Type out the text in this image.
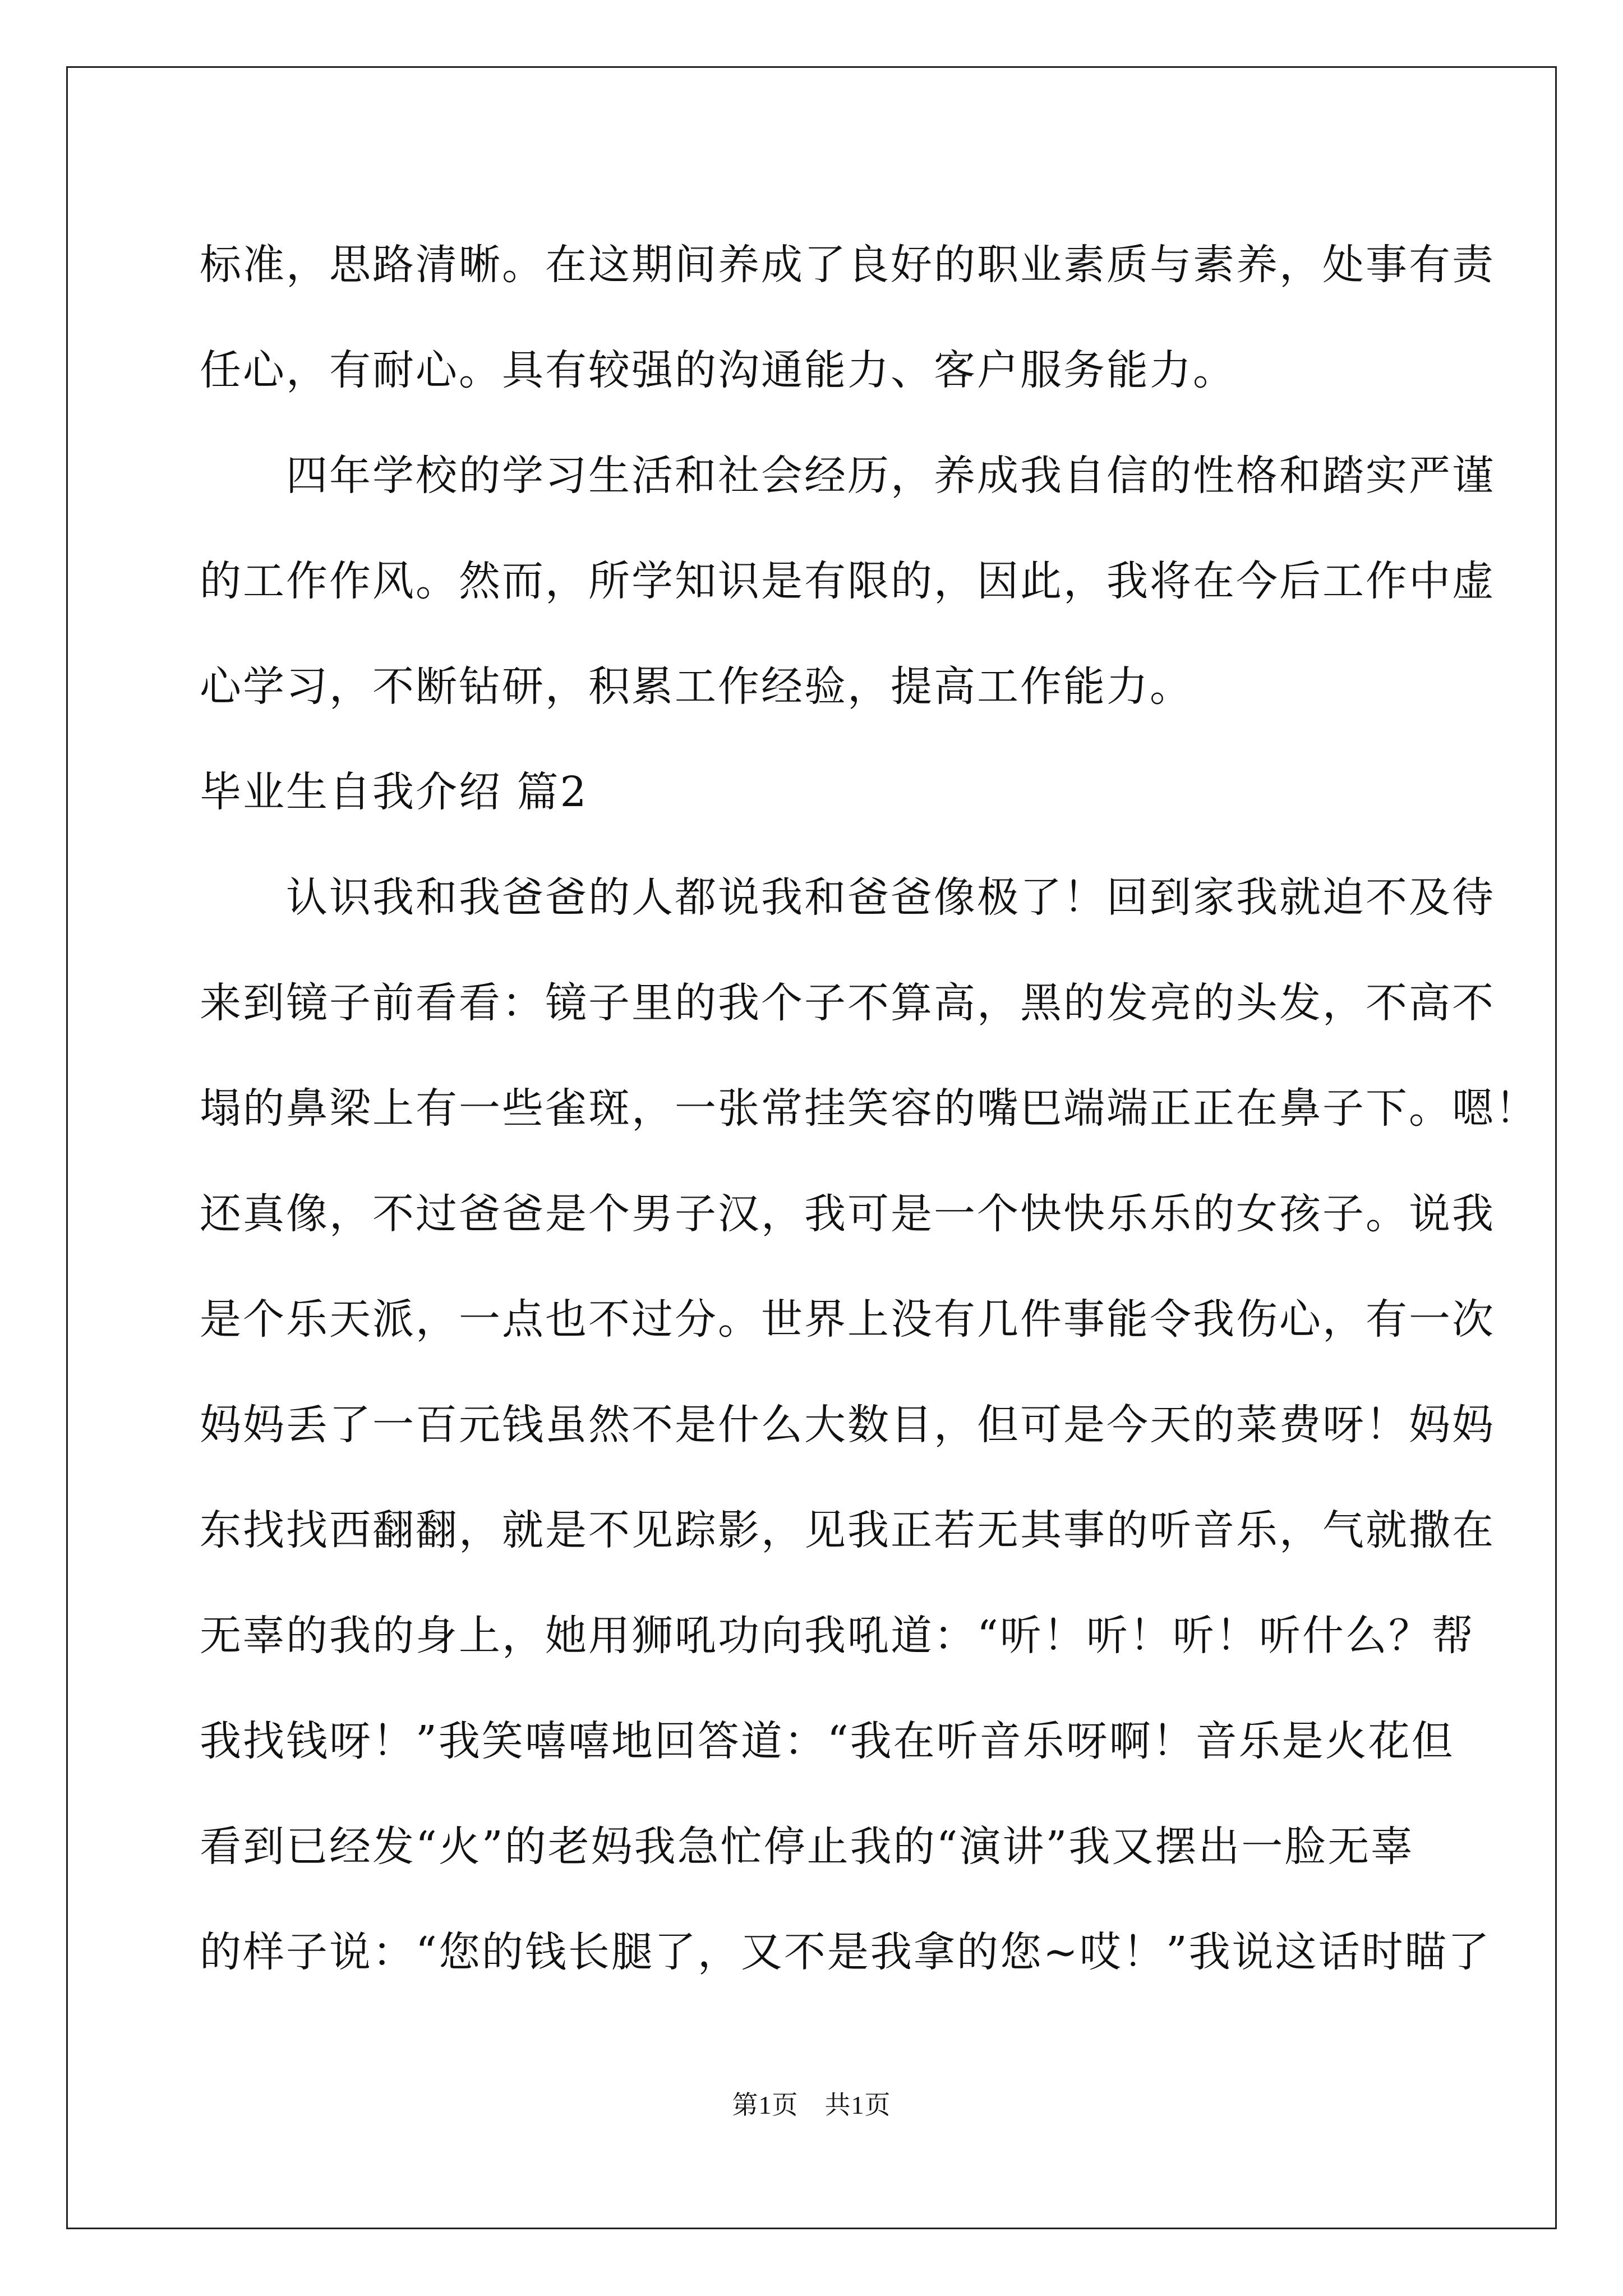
标准，思路清晰。在这期间养成了良好的职业素质与素养，处事有责
任心，有耐心。具有较强的沟通能力、客户服务能力。
　　四年学校的学习生活和社会经历，养成我自信的性格和踏实严谨
的工作作风。然而，所学知识是有限的，因此，我将在今后工作中虚
心学习，不断钻研，积累工作经验，提高工作能力。
毕业生自我介绍 篇2
　　认识我和我爸爸的人都说我和爸爸像极了！回到家我就迫不及待
来到镜子前看看：镜子里的我个子不算高，黑的发亮的头发，不高不
塌的鼻梁上有一些雀斑，一张常挂笑容的嘴巴端端正正在鼻子下。嗯！
还真像，不过爸爸是个男子汉，我可是一个快快乐乐的女孩子。说我
是个乐天派，一点也不过分。世界上没有几件事能令我伤心，有一次
妈妈丢了一百元钱虽然不是什么大数目，但可是今天的菜费呀！妈妈
东找找西翻翻，就是不见踪影，见我正若无其事的听音乐，气就撒在
无辜的我的身上，她用狮吼功向我吼道：“听！听！听！听什么？帮
我找钱呀！”我笑嘻嘻地回答道：“我在听音乐呀啊！音乐是火花但
看到已经发“火”的老妈我急忙停止我的“演讲”我又摆出一脸无辜
的样子说：“您的钱长腿了，又不是我拿的您~哎！”我说这话时瞄了
第1页　共1页
